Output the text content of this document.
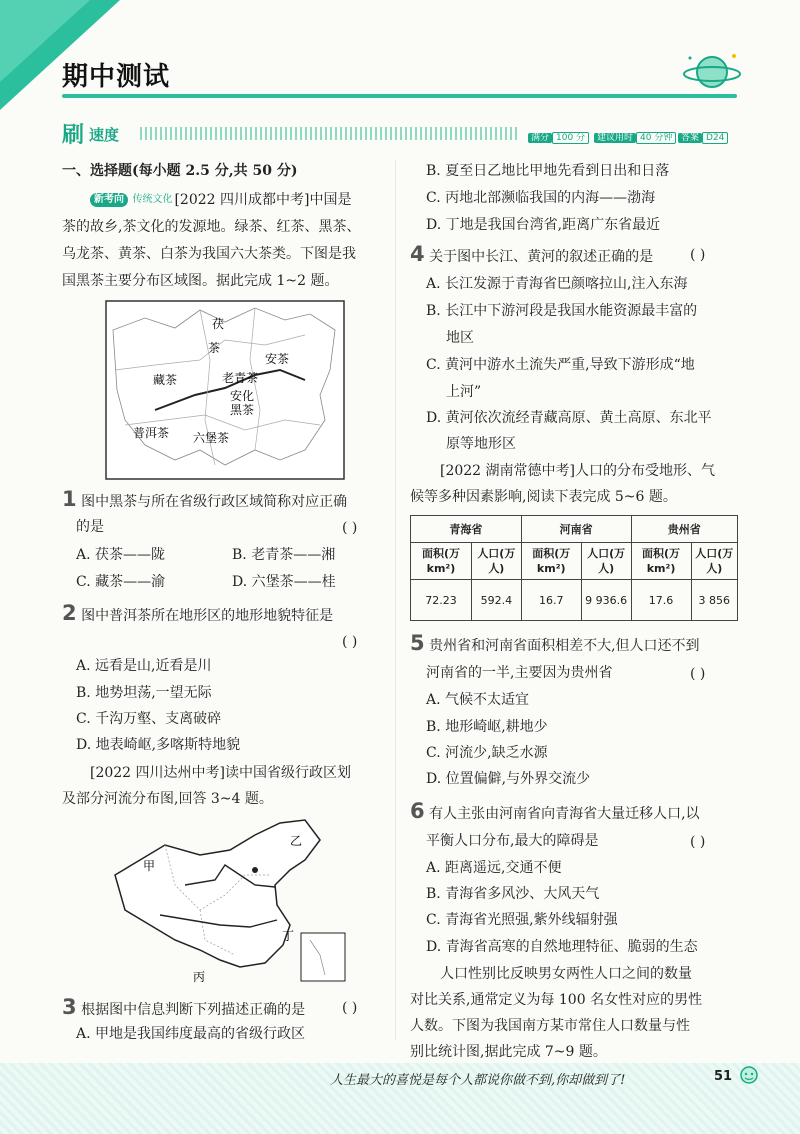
期中测试
刷 速度	满分 100 分	建议用时 40 分钟 答案 D24
一、选择题(每小题 2.5 分,共 50 分)
新考向 传统文化 [2022 四川成都中考]中国是
茶的故乡,茶文化的发源地。绿茶、红茶、黑茶、
乌龙茶、黄茶、白茶为我国六大茶类。下图是我
国黑茶主要分布区域图。据此完成 1~2 题。
茯
茶
安茶
藏茶	老青茶
安化
黑茶
普洱茶 六堡茶
1 图中黑茶与所在省级行政区域简称对应正确
的是	( )
A. 茯茶——陇	B. 老青茶——湘
C. 藏茶——渝	D. 六堡茶——桂
2 图中普洱茶所在地形区的地形地貌特征是
( )
A. 远看是山,近看是川
B. 地势坦荡,一望无际
C. 千沟万壑、支离破碎
D. 地表崎岖,多喀斯特地貌
[2022 四川达州中考]读中国省级行政区划
及部分河流分布图,回答 3~4 题。
甲
乙
丙
丁
3 根据图中信息判断下列描述正确的是	( )
A. 甲地是我国纬度最高的省级行政区
B. 夏至日乙地比甲地先看到日出和日落
C. 丙地北部濒临我国的内海——渤海
D. 丁地是我国台湾省,距离广东省最近
4 关于图中长江、黄河的叙述正确的是	( )
A. 长江发源于青海省巴颜喀拉山,注入东海
B. 长江中下游河段是我国水能资源最丰富的
地区
C. 黄河中游水土流失严重,导致下游形成“地
上河”
D. 黄河依次流经青藏高原、黄土高原、东北平
原等地形区
[2022 湖南常德中考]人口的分布受地形、气
候等多种因素影响,阅读下表完成 5~6 题。
青海省		河南省		贵州省	
面积(万 km²)	人口(万人)	面积(万 km²)	人口(万人)	面积(万 km²)	人口(万人)
72.23	592.4	16.7	9 936.6	17.6	3 856
5 贵州省和河南省面积相差不大,但人口还不到
河南省的一半,主要因为贵州省	( )
A. 气候不太适宜
B. 地形崎岖,耕地少
C. 河流少,缺乏水源
D. 位置偏僻,与外界交流少
6 有人主张由河南省向青海省大量迁移人口,以
平衡人口分布,最大的障碍是	( )
A. 距离遥远,交通不便
B. 青海省多风沙、大风天气
C. 青海省光照强,紫外线辐射强
D. 青海省高寒的自然地理特征、脆弱的生态
人口性别比反映男女两性人口之间的数量
对比关系,通常定义为每 100 名女性对应的男性
人数。下图为我国南方某市常住人口数量与性
别比统计图,据此完成 7~9 题。
人生最大的喜悦是每个人都说你做不到,你却做到了!	51
